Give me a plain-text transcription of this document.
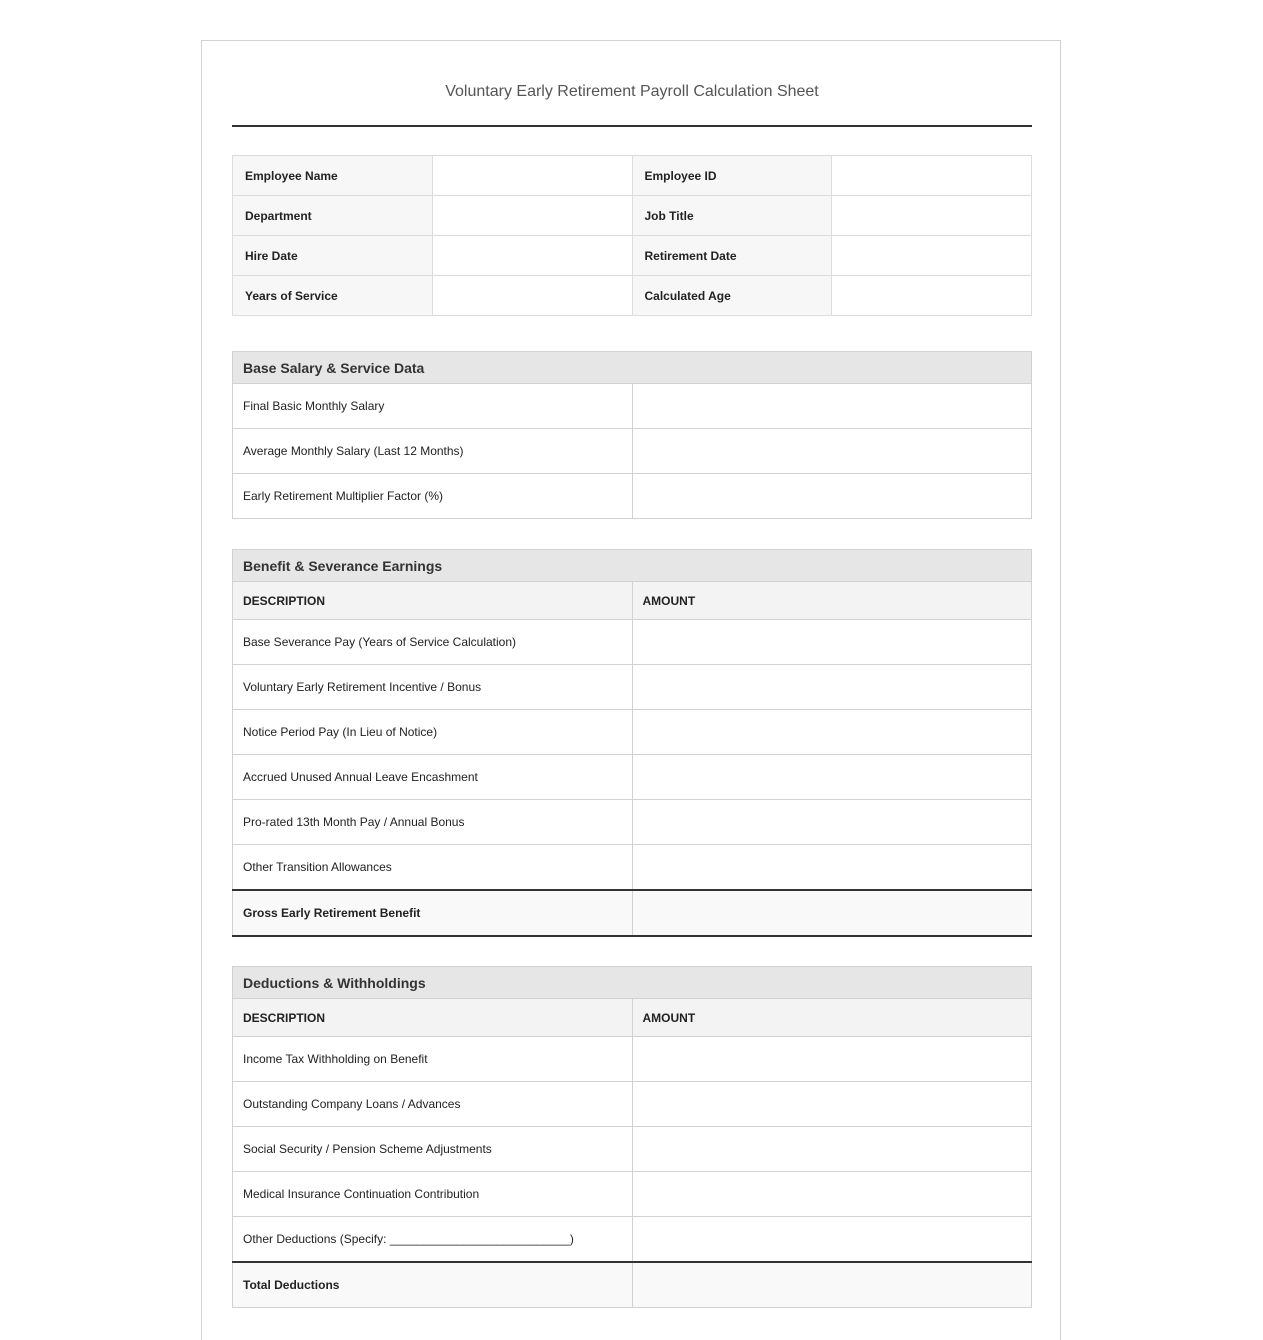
Voluntary Early Retirement Payroll Calculation Sheet
Employee Name		Employee ID	
Department		Job Title	
Hire Date		Retirement Date	
Years of Service		Calculated Age	
Base Salary & Service Data	
Final Basic Monthly Salary	
Average Monthly Salary (Last 12 Months)	
Early Retirement Multiplier Factor (%)	
Benefit & Severance Earnings	
DESCRIPTION	AMOUNT
Base Severance Pay (Years of Service Calculation)	
Voluntary Early Retirement Incentive / Bonus	
Notice Period Pay (In Lieu of Notice)	
Accrued Unused Annual Leave Encashment	
Pro-rated 13th Month Pay / Annual Bonus	
Other Transition Allowances	
Gross Early Retirement Benefit	
Deductions & Withholdings	
DESCRIPTION	AMOUNT
Income Tax Withholding on Benefit	
Outstanding Company Loans / Advances	
Social Security / Pension Scheme Adjustments	
Medical Insurance Continuation Contribution	
Other Deductions (Specify: ___________________________)	
Total Deductions	
